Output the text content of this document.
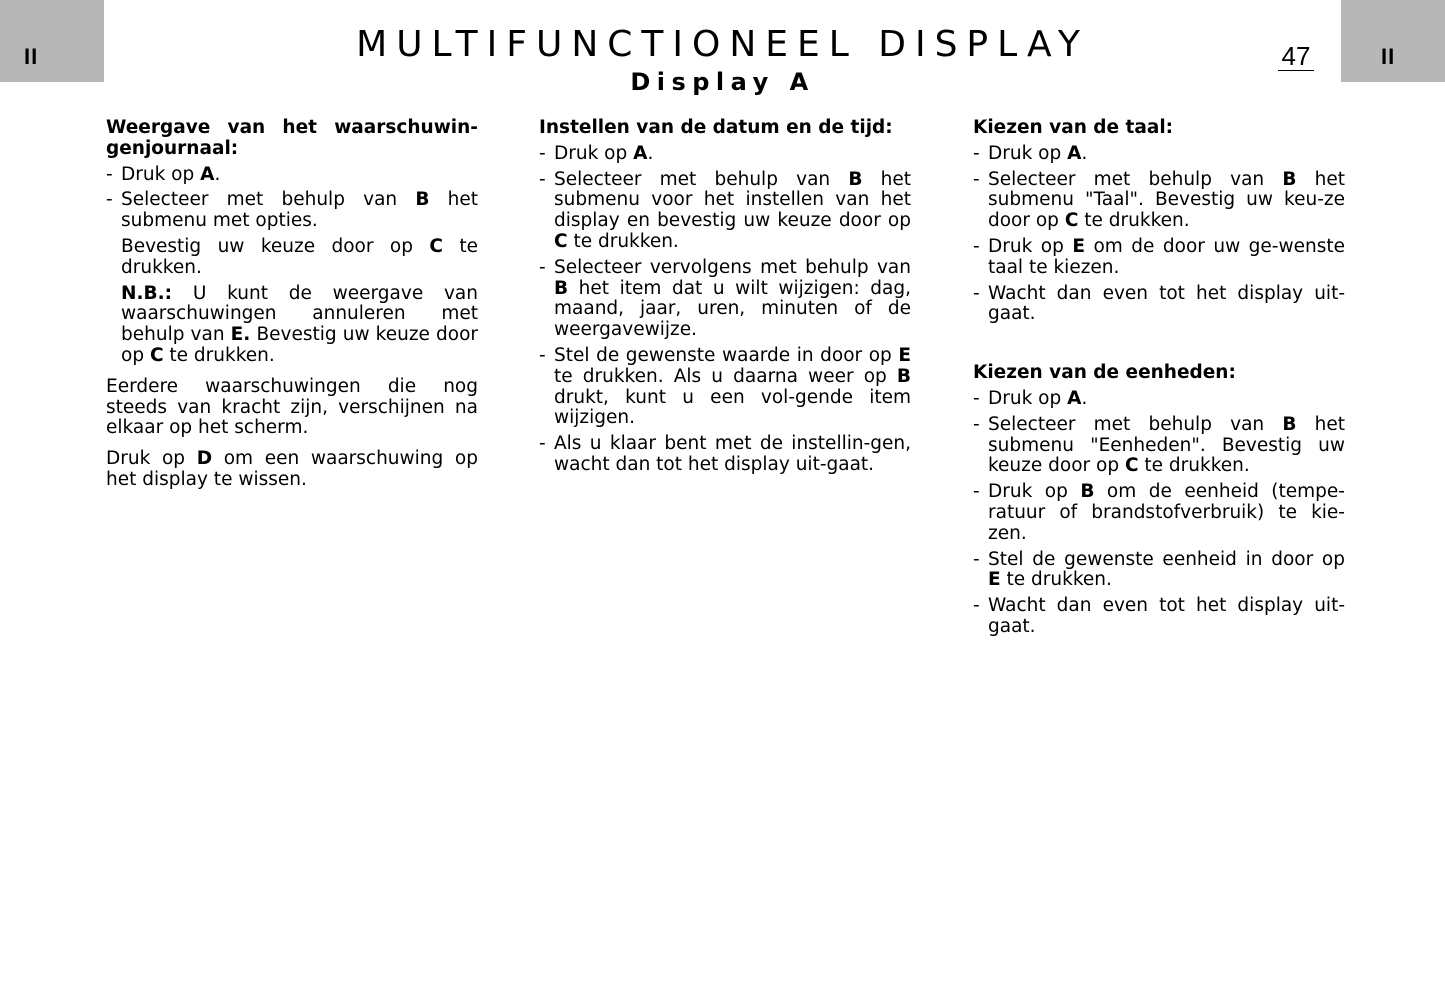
II	II
MULTIFUNCTIONEEL DISPLAY
Display A
47
Weergave van het waarschuwin-genjournaal:
- Druk op A.
- Selecteer met behulp van B het submenu met opties.

Bevestig uw keuze door op C te drukken.

N.B.: U kunt de weergave van waarschuwingen annuleren met behulp van E. Bevestig uw keuze door op C te drukken.

Eerdere waarschuwingen die nog steeds van kracht zijn, verschijnen na elkaar op het scherm.

Druk op D om een waarschuwing op het display te wissen.

Instellen van de datum en de tijd:
- Druk op A.
- Selecteer met behulp van B het submenu voor het instellen van het display en bevestig uw keuze door op C te drukken.
- Selecteer vervolgens met behulp van B het item dat u wilt wijzigen: dag, maand, jaar, uren, minuten of de weergavewijze.
- Stel de gewenste waarde in door op E te drukken. Als u daarna weer op B drukt, kunt u een vol-gende item wijzigen.
- Als u klaar bent met de instellin-gen, wacht dan tot het display uit-gaat.
Kiezen van de taal:
- Druk op A.
- Selecteer met behulp van B het submenu "Taal". Bevestig uw keu-ze door op C te drukken.
- Druk op E om de door uw ge-wenste taal te kiezen.
- Wacht dan even tot het display uit-gaat.
Kiezen van de eenheden:
- Druk op A.
- Selecteer met behulp van B het submenu "Eenheden". Bevestig uw keuze door op C te drukken.
- Druk op B om de eenheid (tempe-ratuur of brandstofverbruik) te kie-zen.
- Stel de gewenste eenheid in door op E te drukken.
- Wacht dan even tot het display uit-gaat.
